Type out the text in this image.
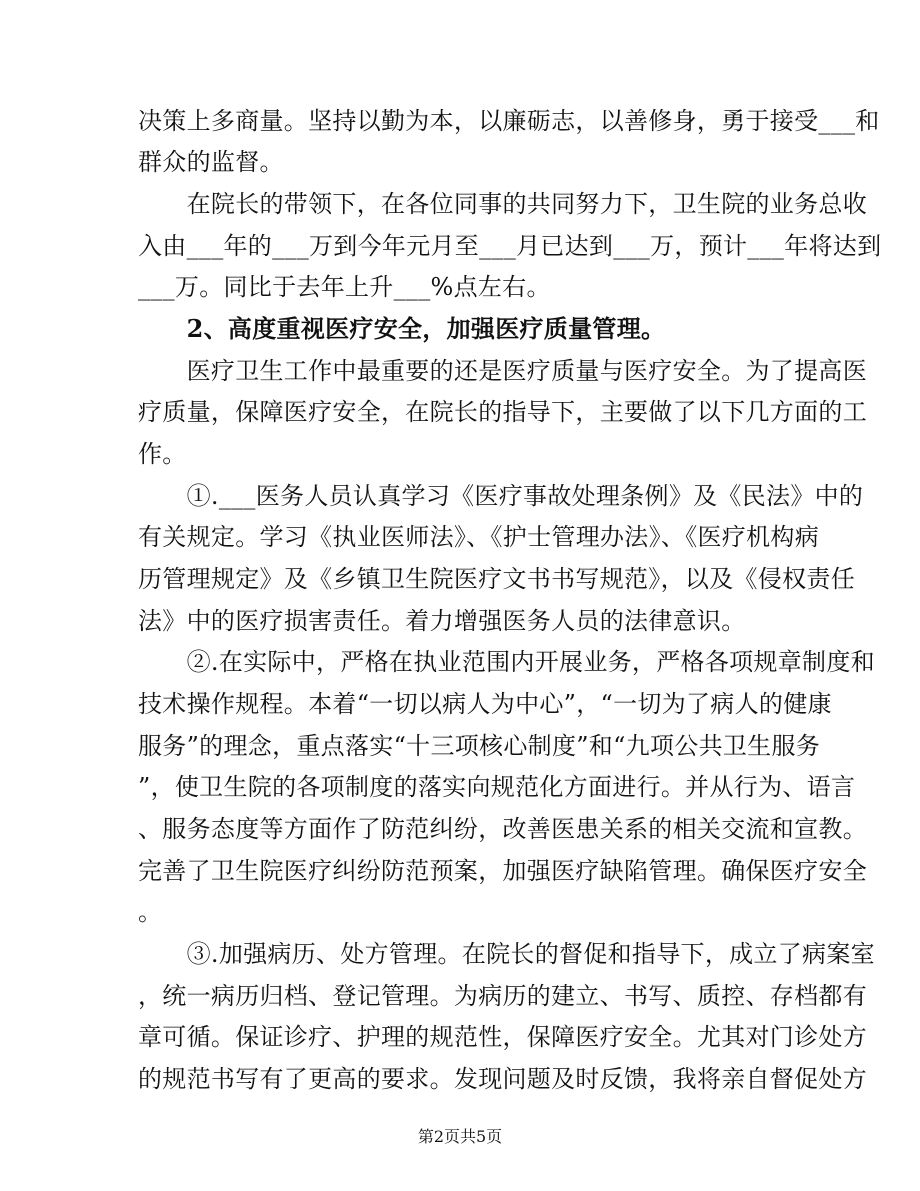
决策上多商量。坚持以勤为本，以廉砺志，以善修身，勇于接受___和
群众的监督。
　　在院长的带领下，在各位同事的共同努力下，卫生院的业务总收
入由___年的___万到今年元月至___月已达到___万，预计___年将达到
___万。同比于去年上升___%点左右。
　　2、高度重视医疗安全，加强医疗质量管理。
　　医疗卫生工作中最重要的还是医疗质量与医疗安全。为了提高医
疗质量，保障医疗安全，在院长的指导下，主要做了以下几方面的工
作。
　　①.___医务人员认真学习《医疗事故处理条例》及《民法》中的
有关规定。学习《执业医师法》、《护士管理办法》、《医疗机构病
历管理规定》及《乡镇卫生院医疗文书书写规范》，以及《侵权责任
法》中的医疗损害责任。着力增强医务人员的法律意识。
　　②.在实际中，严格在执业范围内开展业务，严格各项规章制度和
技术操作规程。本着“一切以病人为中心”，“一切为了病人的健康
服务”的理念，重点落实“十三项核心制度”和“九项公共卫生服务
”，使卫生院的各项制度的落实向规范化方面进行。并从行为、语言
、服务态度等方面作了防范纠纷，改善医患关系的相关交流和宣教。
完善了卫生院医疗纠纷防范预案，加强医疗缺陷管理。确保医疗安全
。
　　③.加强病历、处方管理。在院长的督促和指导下，成立了病案室
，统一病历归档、登记管理。为病历的建立、书写、质控、存档都有
章可循。保证诊疗、护理的规范性，保障医疗安全。尤其对门诊处方
的规范书写有了更高的要求。发现问题及时反馈，我将亲自督促处方
第2页共5页
